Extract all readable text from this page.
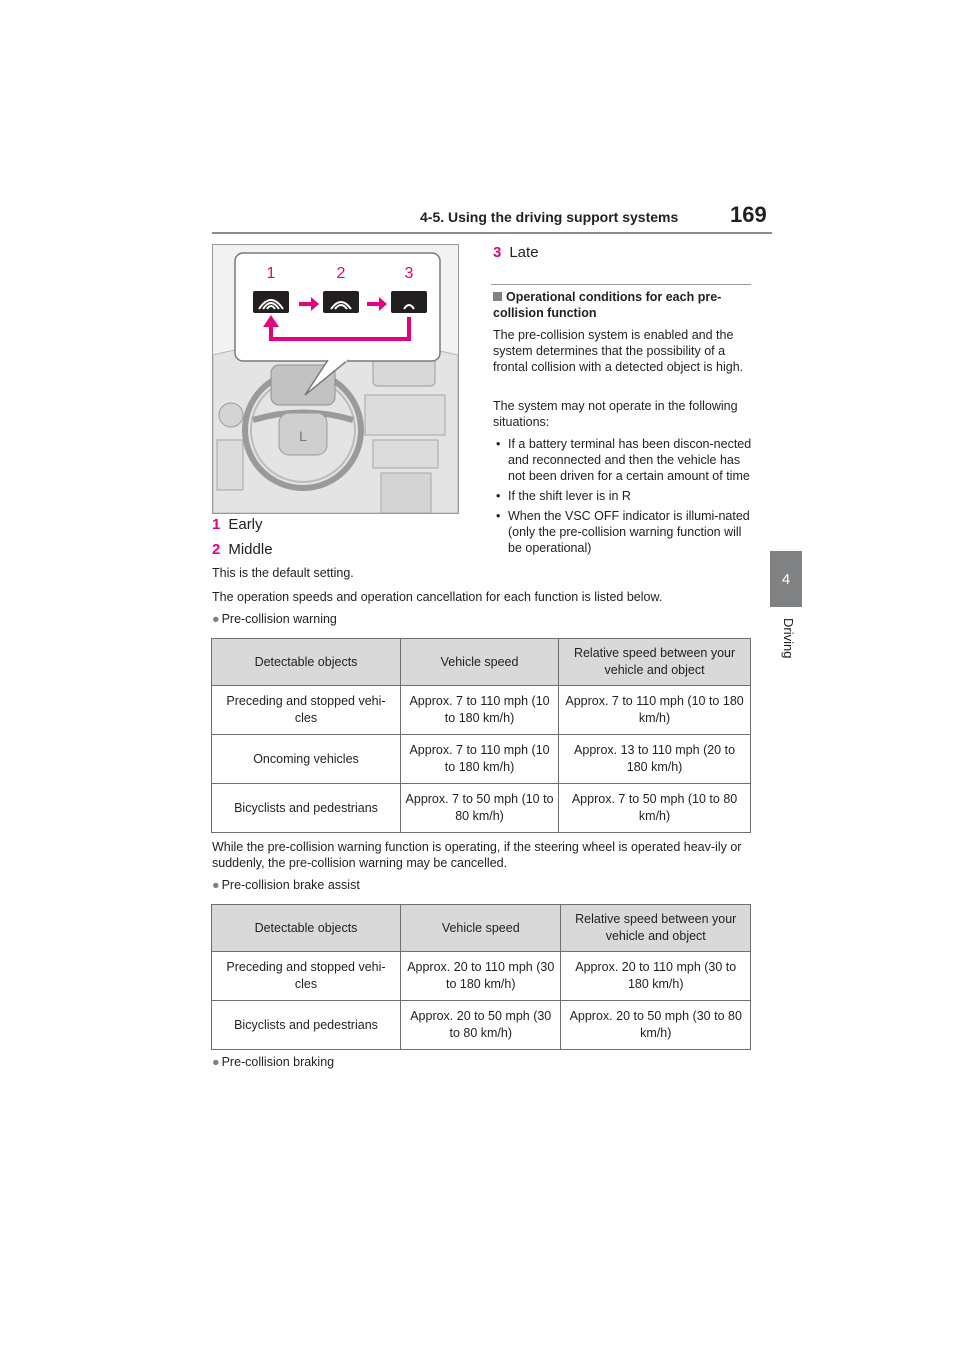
4-5. Using the driving support systems 169
4
Driving
L
1	2	3
1 Early
2 Middle
3 Late
This is the default setting.
Operational conditions for each pre-collision function
The pre-collision system is enabled and the system determines that the possibility of a frontal collision with a detected object is high.
The system may not operate in the following situations:
• If a battery terminal has been discon-nected and reconnected and then the vehicle has not been driven for a certain amount of time
• If the shift lever is in R
• When the VSC OFF indicator is illumi-nated (only the pre-collision warning function will be operational)
The operation speeds and operation cancellation for each function is listed below.
● Pre-collision warning
Detectable objects	Vehicle speed	Relative speed between your vehicle and object
Preceding and stopped vehi-cles	Approx. 7 to 110 mph (10 to 180 km/h)	Approx. 7 to 110 mph (10 to 180 km/h)
Oncoming vehicles	Approx. 7 to 110 mph (10 to 180 km/h)	Approx. 13 to 110 mph (20 to 180 km/h)
Bicyclists and pedestrians	Approx. 7 to 50 mph (10 to 80 km/h)	Approx. 7 to 50 mph (10 to 80 km/h)
While the pre-collision warning function is operating, if the steering wheel is operated heav-ily or suddenly, the pre-collision warning may be cancelled.
● Pre-collision brake assist
Detectable objects	Vehicle speed	Relative speed between your vehicle and object
Preceding and stopped vehi-cles	Approx. 20 to 110 mph (30 to 180 km/h)	Approx. 20 to 110 mph (30 to 180 km/h)
Bicyclists and pedestrians	Approx. 20 to 50 mph (30 to 80 km/h)	Approx. 20 to 50 mph (30 to 80 km/h)
● Pre-collision braking
